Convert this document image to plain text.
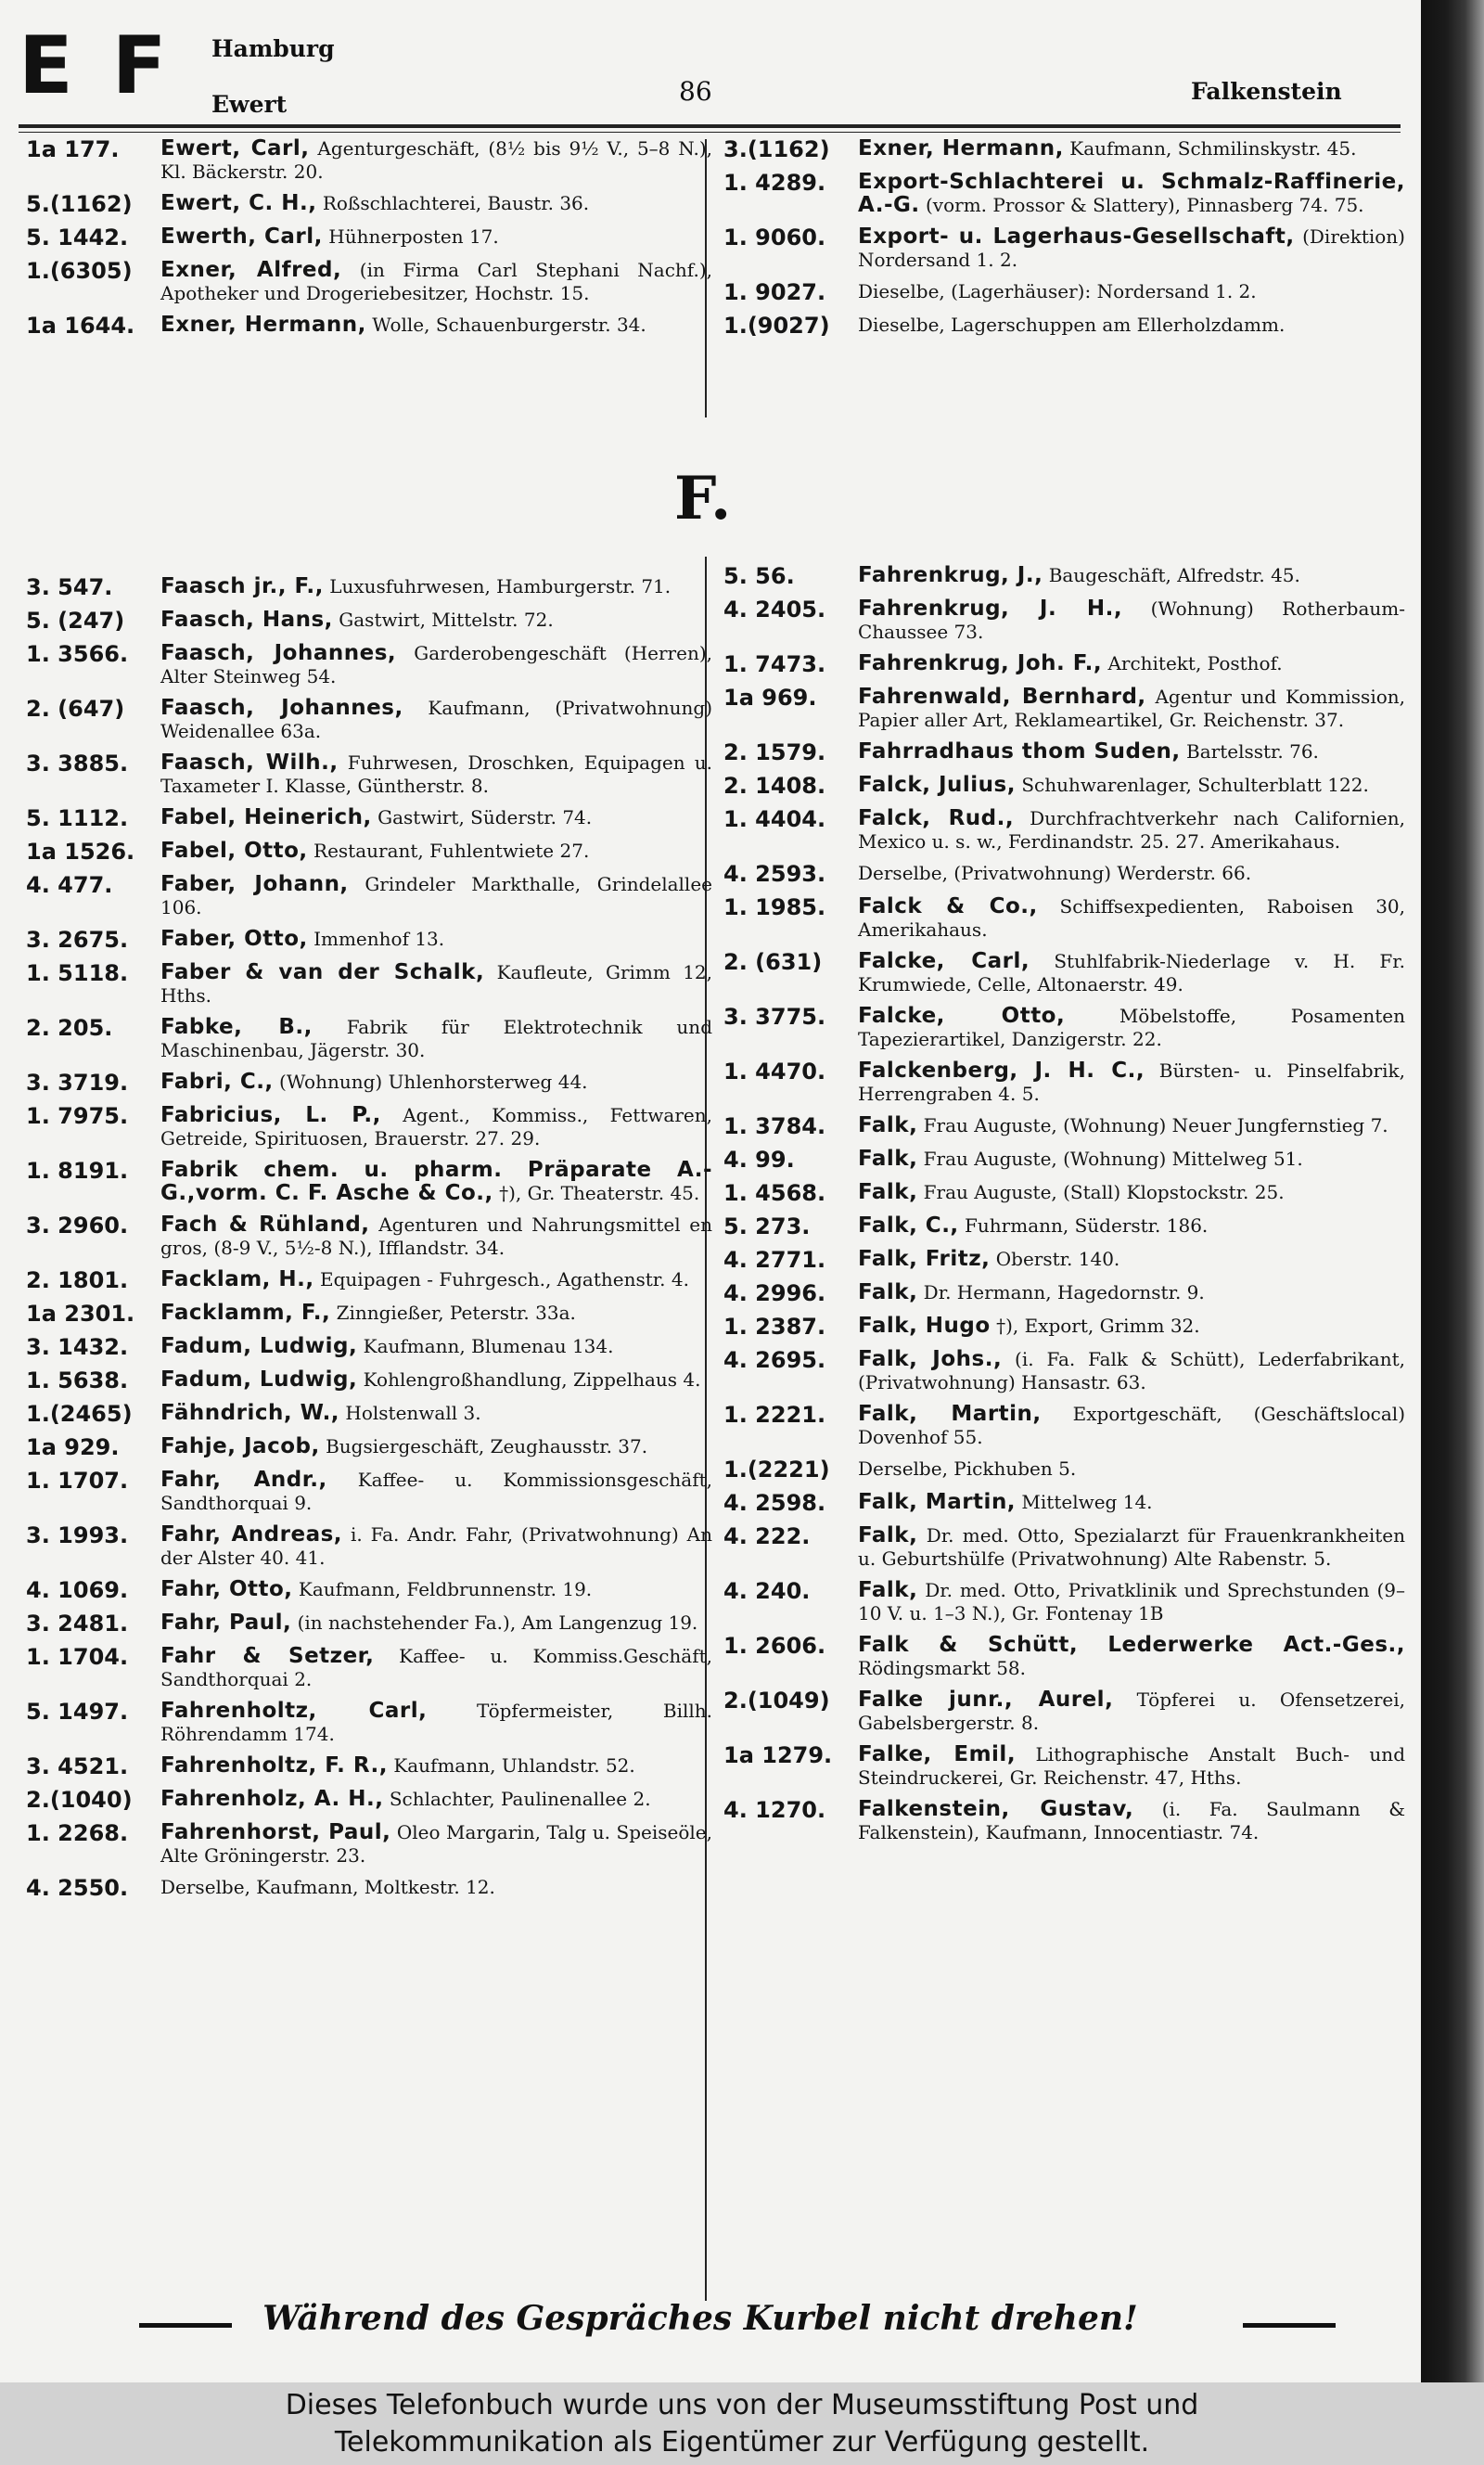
E F Hamburg
Ewert	86	Falkenstein
1a 177.	Ewert, Carl, Agenturgeschäft, (8½ bis 9½ V., 5–8 N.), Kl. Bäckerstr. 20.
5.(1162)	Ewert, C. H., Roßschlachterei, Baustr. 36.
5. 1442.	Ewerth, Carl, Hühnerposten 17.
1.(6305)	Exner, Alfred, (in Firma Carl Stephani Nachf.), Apotheker und Drogeriebesitzer, Hochstr. 15.
1a 1644.	Exner, Hermann, Wolle, Schauenburgerstr. 34.
3.(1162)	Exner, Hermann, Kaufmann, Schmilinskystr. 45.
1. 4289.	Export-Schlachterei u. Schmalz-Raffinerie, A.-G. (vorm. Prossor & Slattery), Pinnasberg 74. 75.
1. 9060.	Export- u. Lagerhaus-Gesellschaft, (Direktion) Nordersand 1. 2.
1. 9027.	Dieselbe, (Lagerhäuser): Nordersand 1. 2.
1.(9027)	Dieselbe, Lagerschuppen am Ellerholzdamm.
F.
3. 547.	Faasch jr., F., Luxusfuhrwesen, Hamburgerstr. 71.
5. (247)	Faasch, Hans, Gastwirt, Mittelstr. 72.
1. 3566.	Faasch, Johannes, Garderobengeschäft (Herren), Alter Steinweg 54.
2. (647)	Faasch, Johannes, Kaufmann, (Privatwohnung) Weidenallee 63a.
3. 3885.	Faasch, Wilh., Fuhrwesen, Droschken, Equipagen u. Taxameter I. Klasse, Güntherstr. 8.
5. 1112.	Fabel, Heinerich, Gastwirt, Süderstr. 74.
1a 1526.	Fabel, Otto, Restaurant, Fuhlentwiete 27.
4. 477.	Faber, Johann, Grindeler Markthalle, Grindelallee 106.
3. 2675.	Faber, Otto, Immenhof 13.
1. 5118.	Faber & van der Schalk, Kaufleute, Grimm 12, Hths.
2. 205.	Fabke, B., Fabrik für Elektrotechnik und Maschinenbau, Jägerstr. 30.
3. 3719.	Fabri, C., (Wohnung) Uhlenhorsterweg 44.
1. 7975.	Fabricius, L. P., Agent., Kommiss., Fettwaren, Getreide, Spirituosen, Brauerstr. 27. 29.
1. 8191.	Fabrik chem. u. pharm. Präparate A.-G.,vorm. C. F. Asche & Co., †), Gr. Theaterstr. 45.
3. 2960.	Fach & Rühland, Agenturen und Nahrungsmittel en gros, (8-9 V., 5½-8 N.), Ifflandstr. 34.
2. 1801.	Facklam, H., Equipagen - Fuhrgesch., Agathenstr. 4.
1a 2301.	Facklamm, F., Zinngießer, Peterstr. 33a.
3. 1432.	Fadum, Ludwig, Kaufmann, Blumenau 134.
1. 5638.	Fadum, Ludwig, Kohlengroßhandlung, Zippelhaus 4.
1.(2465)	Fähndrich, W., Holstenwall 3.
1a 929.	Fahje, Jacob, Bugsiergeschäft, Zeughausstr. 37.
1. 1707.	Fahr, Andr., Kaffee- u. Kommissionsgeschäft, Sandthorquai 9.
3. 1993.	Fahr, Andreas, i. Fa. Andr. Fahr, (Privatwohnung) An der Alster 40. 41.
4. 1069.	Fahr, Otto, Kaufmann, Feldbrunnenstr. 19.
3. 2481.	Fahr, Paul, (in nachstehender Fa.), Am Langenzug 19.
1. 1704.	Fahr & Setzer, Kaffee- u. Kommiss.Geschäft, Sandthorquai 2.
5. 1497.	Fahrenholtz, Carl,	Töpfermeister, Billh. Röhrendamm 174.
3. 4521.	Fahrenholtz, F. R., Kaufmann, Uhlandstr. 52.
2.(1040)	Fahrenholz, A. H., Schlachter, Paulinenallee 2.
1. 2268.	Fahrenhorst, Paul, Oleo Margarin, Talg u. Speiseöle, Alte Gröningerstr. 23.
4. 2550.	Derselbe, Kaufmann, Moltkestr. 12.
5. 56.	Fahrenkrug, J., Baugeschäft, Alfredstr. 45.
4. 2405.	Fahrenkrug, J. H., (Wohnung) Rotherbaum-Chaussee 73.
1. 7473.	Fahrenkrug, Joh. F., Architekt, Posthof.
1a 969.	Fahrenwald, Bernhard, Agentur und Kommission, Papier aller Art, Reklameartikel, Gr. Reichenstr. 37.
2. 1579.	Fahrradhaus thom Suden, Bartelsstr. 76.
2. 1408.	Falck, Julius, Schuhwarenlager, Schulterblatt 122.
1. 4404.	Falck, Rud., Durchfrachtverkehr nach Californien, Mexico u. s. w., Ferdinandstr. 25. 27. Amerikahaus.
4. 2593.	Derselbe, (Privatwohnung) Werderstr. 66.
1. 1985.	Falck & Co., Schiffsexpedienten, Raboisen 30, Amerikahaus.
2. (631)	Falcke, Carl, Stuhlfabrik-Niederlage v. H. Fr. Krumwiede, Celle, Altonaerstr. 49.
3. 3775.	Falcke, Otto,	Möbelstoffe, Posamenten Tapezierartikel, Danzigerstr. 22.
1. 4470.	Falckenberg, J. H. C., Bürsten- u. Pinselfabrik, Herrengraben 4. 5.
1. 3784.	Falk, Frau Auguste, (Wohnung) Neuer Jungfernstieg 7.
4. 99.	Falk, Frau Auguste, (Wohnung) Mittelweg 51.
1. 4568.	Falk, Frau Auguste, (Stall) Klopstockstr. 25.
5. 273.	Falk, C., Fuhrmann, Süderstr. 186.
4. 2771.	Falk, Fritz, Oberstr. 140.
4. 2996.	Falk, Dr. Hermann, Hagedornstr. 9.
1. 2387.	Falk, Hugo †), Export, Grimm 32.
4. 2695.	Falk, Johs., (i. Fa. Falk & Schütt), Lederfabrikant, (Privatwohnung) Hansastr. 63.
1. 2221.	Falk, Martin, Exportgeschäft, (Geschäftslocal) Dovenhof 55.
1.(2221)	Derselbe, Pickhuben 5.
4. 2598.	Falk, Martin, Mittelweg 14.
4. 222.	Falk, Dr. med. Otto, Spezialarzt für Frauenkrankheiten u. Geburtshülfe (Privatwohnung) Alte Rabenstr. 5.
4. 240.	Falk, Dr. med. Otto, Privatklinik und Sprechstunden (9–10 V. u. 1–3 N.), Gr. Fontenay 1B
1. 2606.	Falk & Schütt, Lederwerke Act.-Ges., Rödingsmarkt 58.
2.(1049)	Falke junr., Aurel, Töpferei u. Ofensetzerei, Gabelsbergerstr. 8.
1a 1279.	Falke, Emil, Lithographische Anstalt Buch- und Steindruckerei, Gr. Reichenstr. 47, Hths.
4. 1270.	Falkenstein, Gustav, (i. Fa. Saulmann & Falkenstein), Kaufmann, Innocentiastr. 74.
Während des Gespräches Kurbel nicht drehen!
Dieses Telefonbuch wurde uns von der Museumsstiftung Post und
Telekommunikation als Eigentümer zur Verfügung gestellt.
